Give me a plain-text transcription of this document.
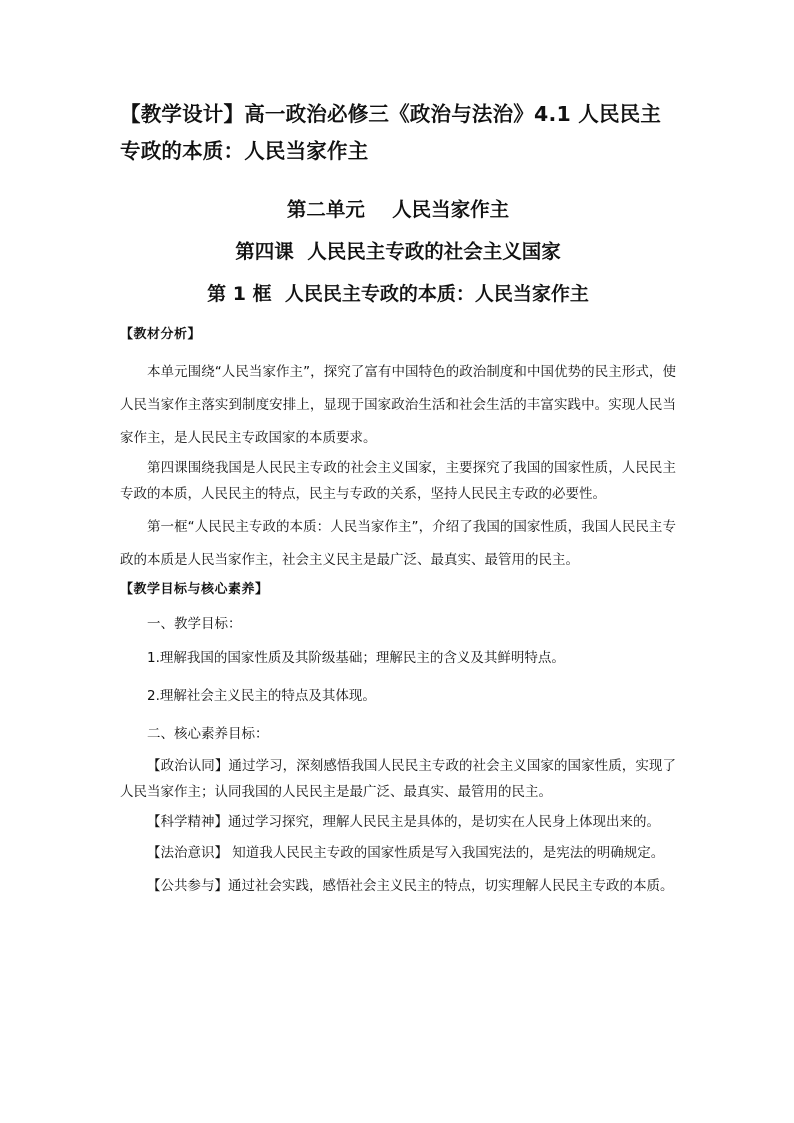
【教学设计】高一政治必修三《政治与法治》4.1 人民民主专政的本质：人民当家作主
第二单元    人民当家作主
第四课  人民民主专政的社会主义国家
第 1 框  人民民主专政的本质：人民当家作主

【教材分析】

本单元围绕“人民当家作主”，探究了富有中国特色的政治制度和中国优势的民主形式，使人民当家作主落实到制度安排上，显现于国家政治生活和社会生活的丰富实践中。实现人民当家作主，是人民民主专政国家的本质要求。

第四课围绕我国是人民民主专政的社会主义国家，主要探究了我国的国家性质，人民民主专政的本质，人民民主的特点，民主与专政的关系，坚持人民民主专政的必要性。

第一框“人民民主专政的本质：人民当家作主”，介绍了我国的国家性质，我国人民民主专政的本质是人民当家作主，社会主义民主是最广泛、最真实、最管用的民主。

【教学目标与核心素养】

一、教学目标：

1.理解我国的国家性质及其阶级基础；理解民主的含义及其鲜明特点。

2.理解社会主义民主的特点及其体现。

二、核心素养目标：

【政治认同】通过学习，深刻感悟我国人民民主专政的社会主义国家的国家性质，实现了人民当家作主；认同我国的人民民主是最广泛、最真实、最管用的民主。

【科学精神】通过学习探究，理解人民民主是具体的，是切实在人民身上体现出来的。

【法治意识】 知道我人民民主专政的国家性质是写入我国宪法的，是宪法的明确规定。

【公共参与】通过社会实践，感悟社会主义民主的特点，切实理解人民民主专政的本质。
